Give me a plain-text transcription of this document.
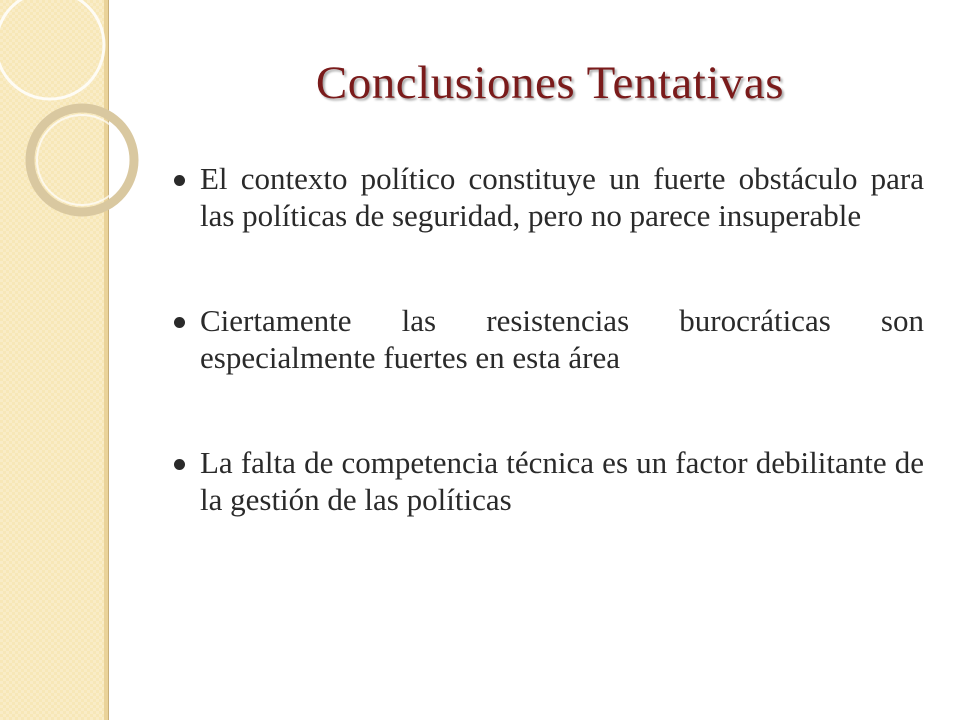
Conclusiones Tentativas
El contexto político constituye un fuerte obstáculo para las políticas de seguridad, pero no parece insuperable
Ciertamente las resistencias burocráticas son especialmente fuertes en esta área
La falta de competencia técnica es un factor debilitante de la gestión de las políticas
